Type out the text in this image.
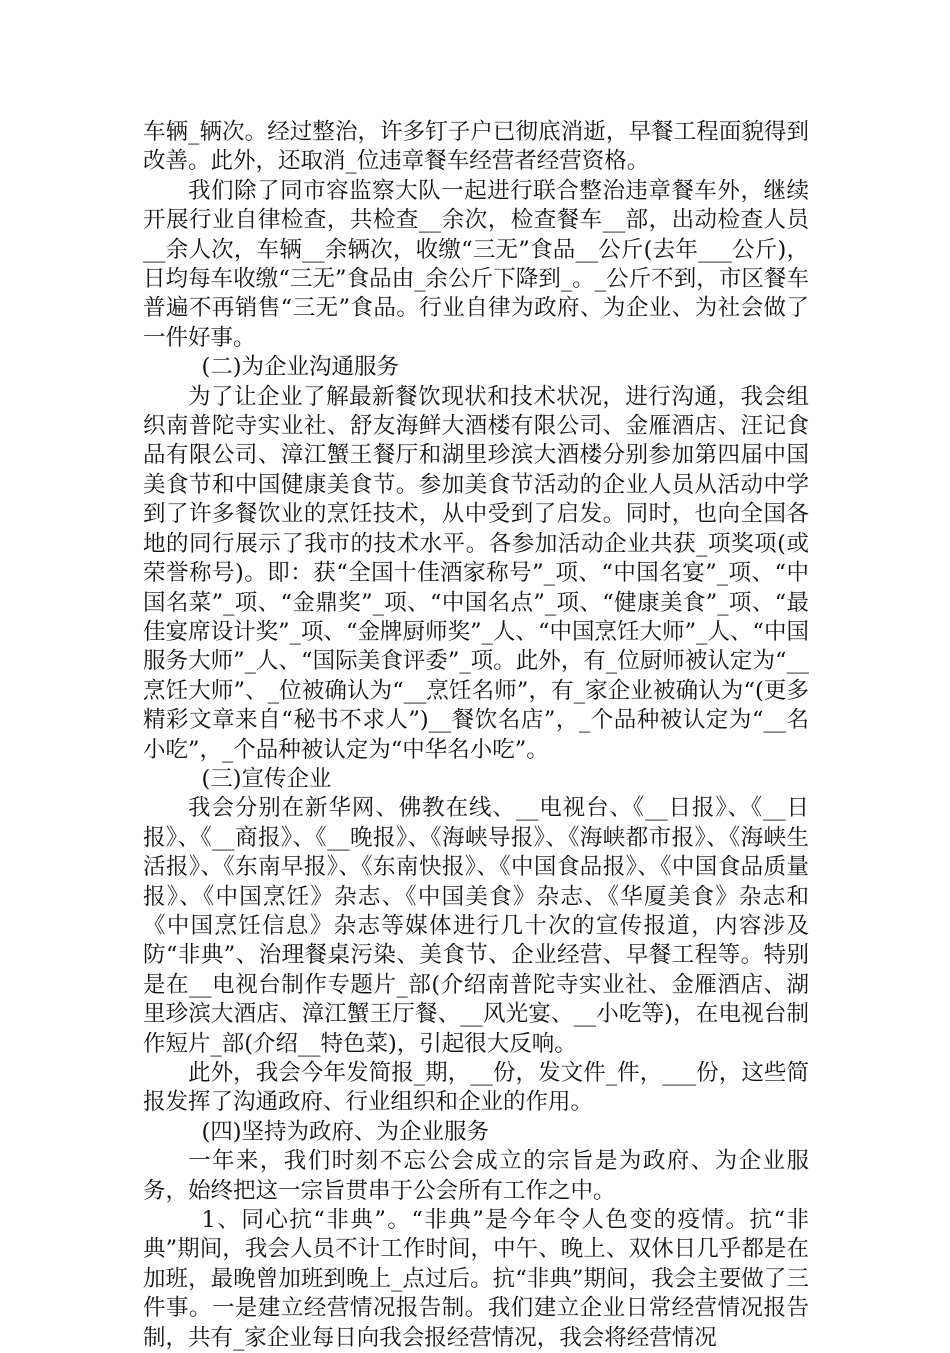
车辆_辆次。经过整治，许多钉子户已彻底消逝，早餐工程面貌得到改善。此外，还取消_位违章餐车经营者经营资格。

我们除了同市容监察大队一起进行联合整治违章餐车外，继续开展行业自律检查，共检查__余次，检查餐车__部，出动检查人员__余人次，车辆__余辆次，收缴“三无”食品__公斤(去年___公斤)，日均每车收缴“三无”食品由_余公斤下降到_。_公斤不到，市区餐车普遍不再销售“三无”食品。行业自律为政府、为企业、为社会做了一件好事。

(二)为企业沟通服务

为了让企业了解最新餐饮现状和技术状况，进行沟通，我会组织南普陀寺实业社、舒友海鲜大酒楼有限公司、金雁酒店、汪记食品有限公司、漳江蟹王餐厅和湖里珍滨大酒楼分别参加第四届中国美食节和中国健康美食节。参加美食节活动的企业人员从活动中学到了许多餐饮业的烹饪技术，从中受到了启发。同时，也向全国各地的同行展示了我市的技术水平。各参加活动企业共获_项奖项(或荣誉称号)。即：获“全国十佳酒家称号”_项、“中国名宴”_项、“中国名菜”_项、“金鼎奖”_项、“中国名点”_项、“健康美食”_项、“最佳宴席设计奖”_项、“金牌厨师奖”_人、“中国烹饪大师”_人、“中国服务大师”_人、“国际美食评委”_项。此外，有_位厨师被认定为“__烹饪大师”、_位被确认为“__烹饪名师”，有_家企业被确认为“(更多精彩文章来自“秘书不求人”)__餐饮名店”，_个品种被认定为“__名小吃”，_个品种被认定为“中华名小吃”。

(三)宣传企业

我会分别在新华网、佛教在线、__电视台、《__日报》、《__日报》、《__商报》、《__晚报》、《海峡导报》、《海峡都市报》、《海峡生活报》、《东南早报》、《东南快报》、《中国食品报》、《中国食品质量报》、《中国烹饪》杂志、《中国美食》杂志、《华厦美食》杂志和《中国烹饪信息》杂志等媒体进行几十次的宣传报道，内容涉及防“非典”、治理餐桌污染、美食节、企业经营、早餐工程等。特别是在__电视台制作专题片_部(介绍南普陀寺实业社、金雁酒店、湖里珍滨大酒店、漳江蟹王厅餐、__风光宴、__小吃等)，在电视台制作短片_部(介绍__特色菜)，引起很大反响。

此外，我会今年发简报_期，__份，发文件_件，___份，这些简报发挥了沟通政府、行业组织和企业的作用。

(四)坚持为政府、为企业服务

一年来，我们时刻不忘公会成立的宗旨是为政府、为企业服务，始终把这一宗旨贯串于公会所有工作之中。

1、同心抗“非典”。“非典”是今年令人色变的疫情。抗“非典”期间，我会人员不计工作时间，中午、晚上、双休日几乎都是在加班，最晚曾加班到晚上_点过后。抗“非典”期间，我会主要做了三件事。一是建立经营情况报告制。我们建立企业日常经营情况报告制，共有_家企业每日向我会报经营情况，我会将经营情况
